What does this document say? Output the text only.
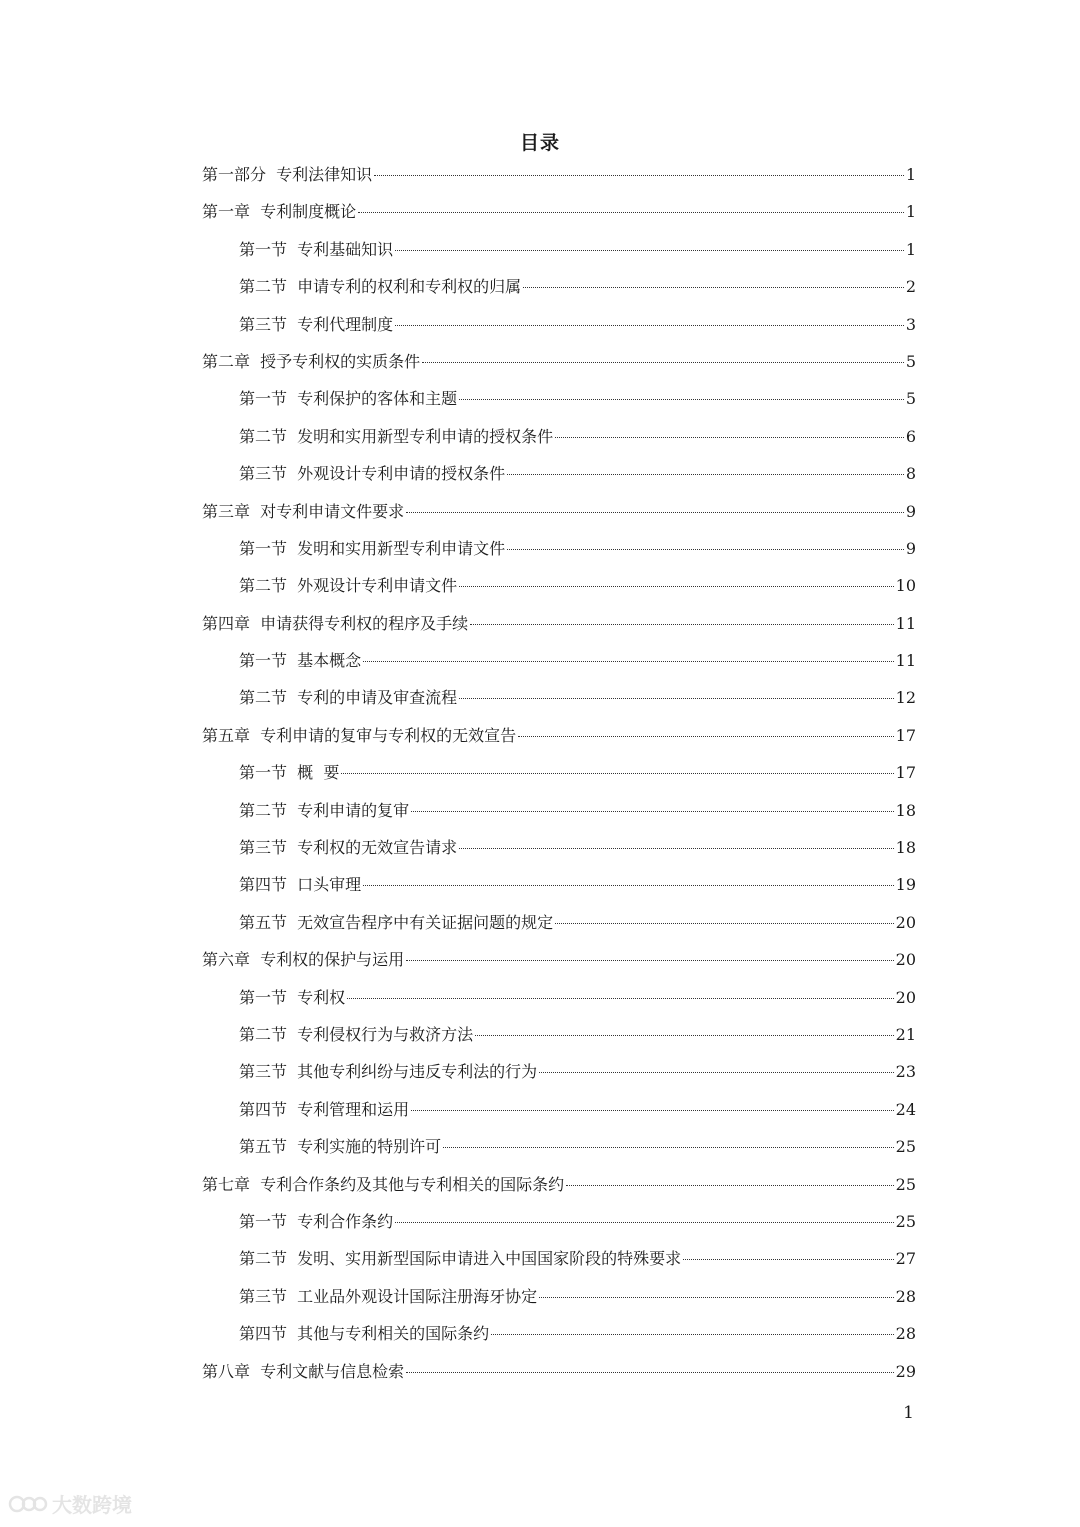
目录
第一部分  专利法律知识	1
第一章  专利制度概论	1
第一节  专利基础知识	1
第二节  申请专利的权利和专利权的归属	2
第三节  专利代理制度	3
第二章  授予专利权的实质条件	5
第一节  专利保护的客体和主题	5
第二节  发明和实用新型专利申请的授权条件	6
第三节  外观设计专利申请的授权条件	8
第三章  对专利申请文件要求	9
第一节  发明和实用新型专利申请文件	9
第二节  外观设计专利申请文件	10
第四章  申请获得专利权的程序及手续	11
第一节  基本概念	11
第二节  专利的申请及审查流程	12
第五章  专利申请的复审与专利权的无效宣告	17
第一节  概  要	17
第二节  专利申请的复审	18
第三节  专利权的无效宣告请求	18
第四节  口头审理	19
第五节  无效宣告程序中有关证据问题的规定	20
第六章  专利权的保护与运用	20
第一节  专利权	20
第二节  专利侵权行为与救济方法	21
第三节  其他专利纠纷与违反专利法的行为	23
第四节  专利管理和运用	24
第五节  专利实施的特别许可	25
第七章  专利合作条约及其他与专利相关的国际条约	25
第一节  专利合作条约	25
第二节  发明、实用新型国际申请进入中国国家阶段的特殊要求	27
第三节  工业品外观设计国际注册海牙协定	28
第四节  其他与专利相关的国际条约	28
第八章  专利文献与信息检索	29
1
大数跨境
